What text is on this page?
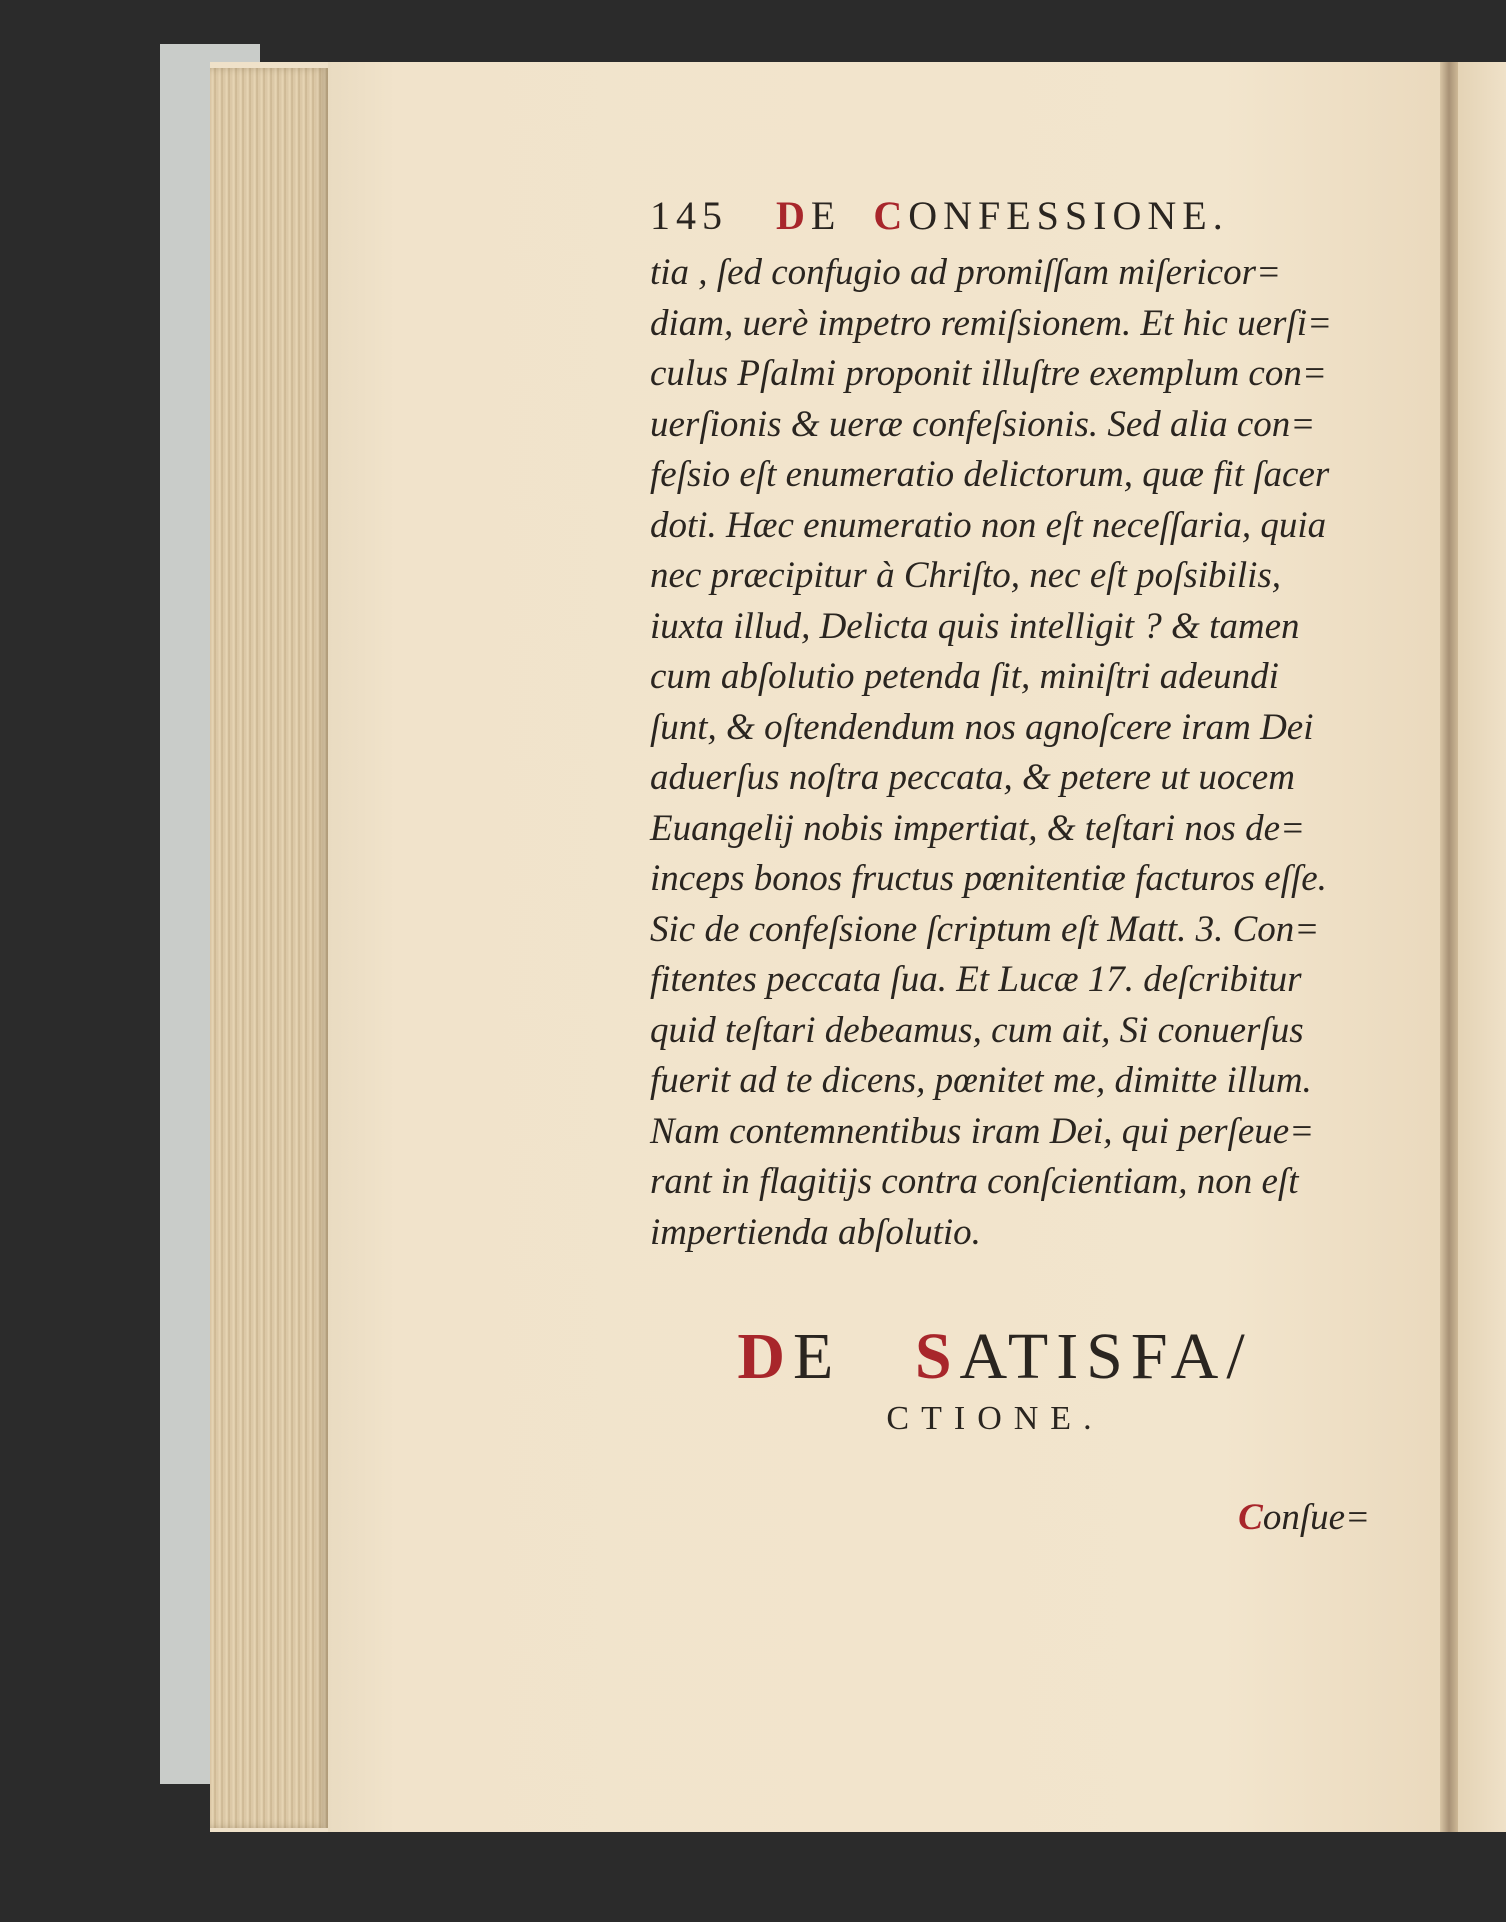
145 DE CONFESSIONE.
tia , ſed confugio ad promiſſam miſericor=
diam, uerè impetro remiſsionem. Et hic uerſi=
culus Pſalmi proponit illuſtre exemplum con=
uerſionis & ueræ confeſsionis. Sed alia con=
feſsio eſt enumeratio delictorum, quæ fit ſacer
doti. Hæc enumeratio non eſt neceſſaria, quia
nec præcipitur à Chriſto, nec eſt poſsibilis,
iuxta illud, Delicta quis intelligit ? & tamen
cum abſolutio petenda ſit, miniſtri adeundi
ſunt, & oſtendendum nos agnoſcere iram Dei
aduerſus noſtra peccata, & petere ut uocem
Euangelij nobis impertiat, & teſtari nos de=
inceps bonos fructus pœnitentiæ facturos eſſe.
Sic de confeſsione ſcriptum eſt Matt. 3. Con=
fitentes peccata ſua. Et Lucæ 17. deſcribitur
quid teſtari debeamus, cum ait, Si conuerſus
fuerit ad te dicens, pœnitet me, dimitte illum.
Nam contemnentibus iram Dei, qui perſeue=
rant in flagitijs contra conſcientiam, non eſt
impertienda abſolutio.
DE SATISFA/
CTIONE.
Conſue=
